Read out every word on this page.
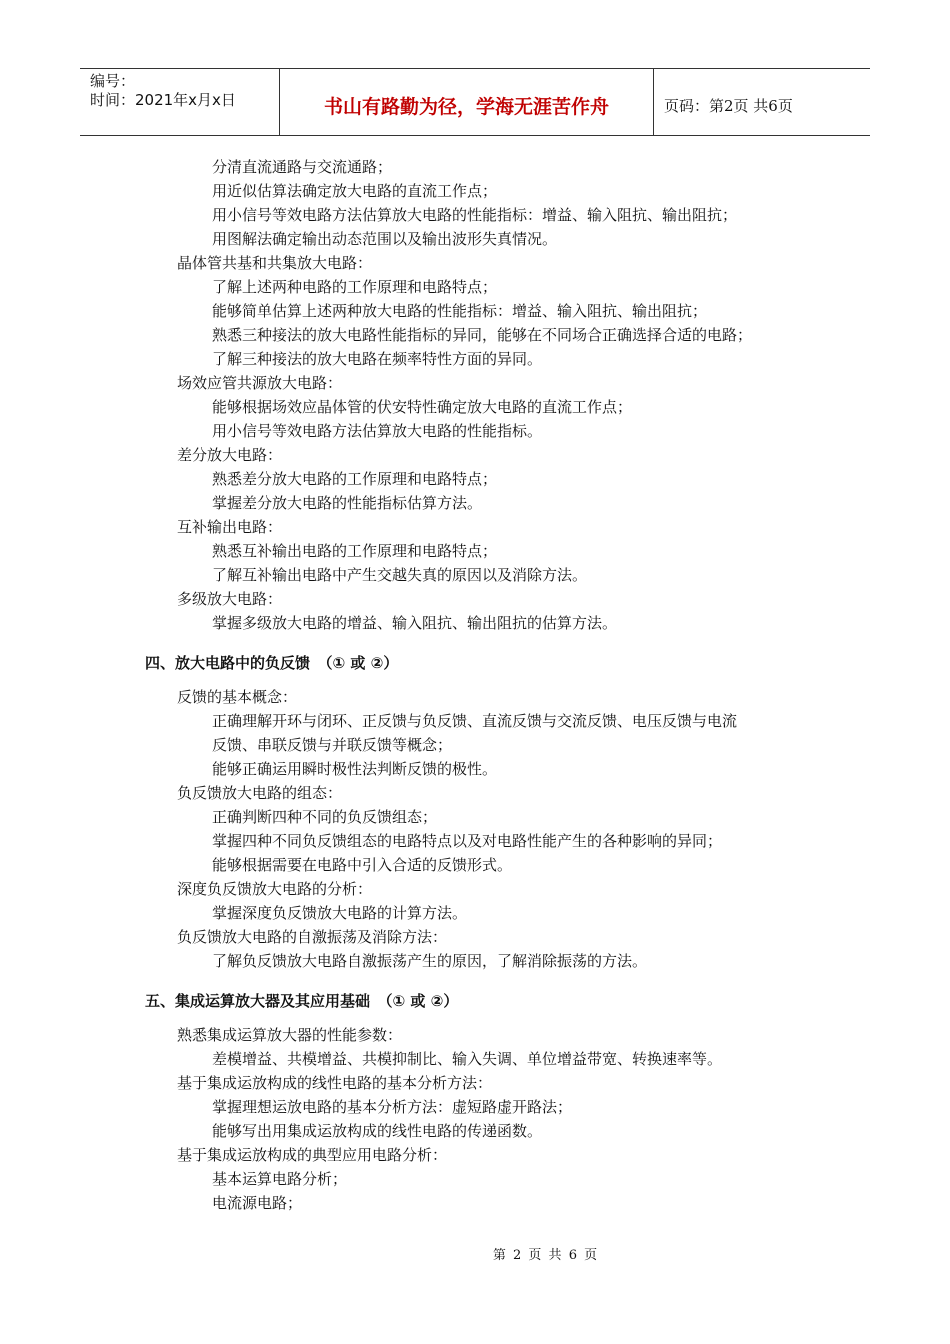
编号：
时间：2021年x月x日	书山有路勤为径，学海无涯苦作舟	页码：第2页 共6页
分清直流通路与交流通路；
用近似估算法确定放大电路的直流工作点；
用小信号等效电路方法估算放大电路的性能指标：增益、输入阻抗、输出阻抗；
用图解法确定输出动态范围以及输出波形失真情况。
晶体管共基和共集放大电路：
了解上述两种电路的工作原理和电路特点；
能够简单估算上述两种放大电路的性能指标：增益、输入阻抗、输出阻抗；
熟悉三种接法的放大电路性能指标的异同，能够在不同场合正确选择合适的电路；
了解三种接法的放大电路在频率特性方面的异同。
场效应管共源放大电路：
能够根据场效应晶体管的伏安特性确定放大电路的直流工作点；
用小信号等效电路方法估算放大电路的性能指标。
差分放大电路：
熟悉差分放大电路的工作原理和电路特点；
掌握差分放大电路的性能指标估算方法。
互补输出电路：
熟悉互补输出电路的工作原理和电路特点；
了解互补输出电路中产生交越失真的原因以及消除方法。
多级放大电路：
掌握多级放大电路的增益、输入阻抗、输出阻抗的估算方法。
四、放大电路中的负反馈　（① 或 ②）
反馈的基本概念：
正确理解开环与闭环、正反馈与负反馈、直流反馈与交流反馈、电压反馈与电流
反馈、串联反馈与并联反馈等概念；
能够正确运用瞬时极性法判断反馈的极性。
负反馈放大电路的组态：
正确判断四种不同的负反馈组态；
掌握四种不同负反馈组态的电路特点以及对电路性能产生的各种影响的异同；
能够根据需要在电路中引入合适的反馈形式。
深度负反馈放大电路的分析：
掌握深度负反馈放大电路的计算方法。
负反馈放大电路的自激振荡及消除方法：
了解负反馈放大电路自激振荡产生的原因，了解消除振荡的方法。
五、集成运算放大器及其应用基础　（① 或 ②）
熟悉集成运算放大器的性能参数：
差模增益、共模增益、共模抑制比、输入失调、单位增益带宽、转换速率等。
基于集成运放构成的线性电路的基本分析方法：
掌握理想运放电路的基本分析方法：虚短路虚开路法；
能够写出用集成运放构成的线性电路的传递函数。
基于集成运放构成的典型应用电路分析：
基本运算电路分析；
电流源电路；
第 2 页 共 6 页
